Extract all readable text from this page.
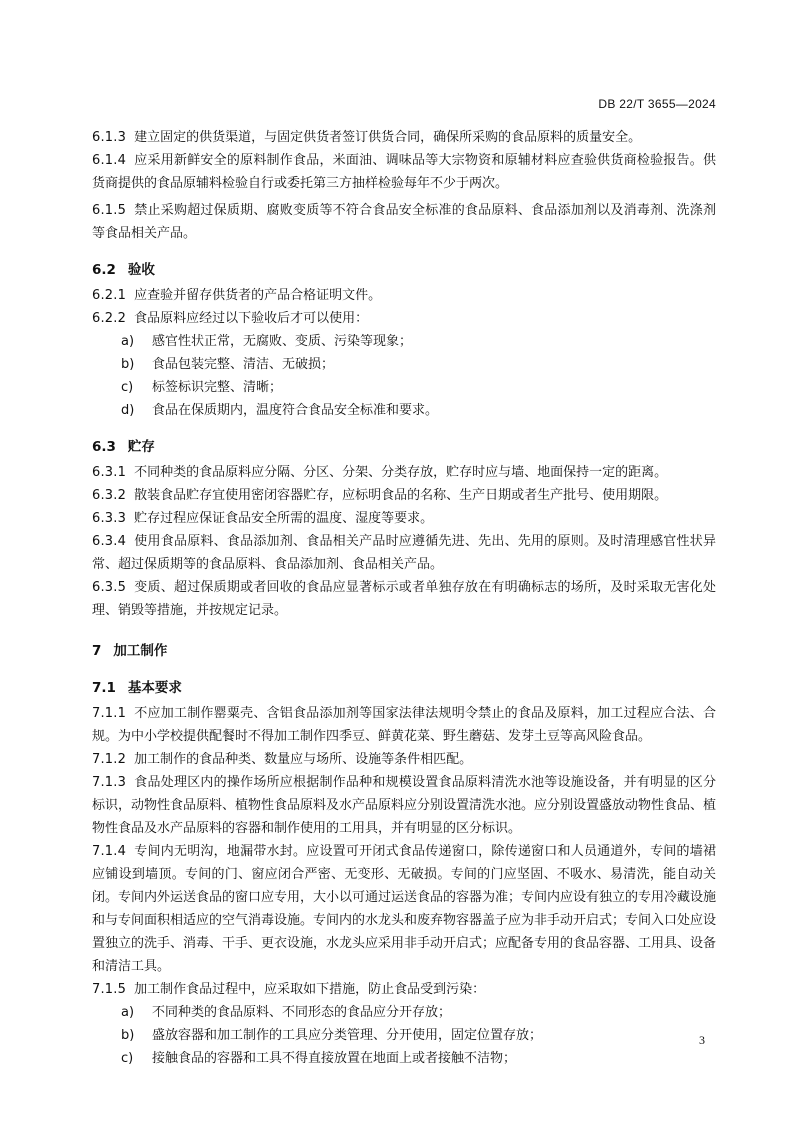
DB 22/T 3655—2024
6.1.3 建立固定的供货渠道，与固定供货者签订供货合同，确保所采购的食品原料的质量安全。
6.1.4 应采用新鲜安全的原料制作食品，米面油、调味品等大宗物资和原辅材料应查验供货商检验报告。供货商提供的食品原辅料检验自行或委托第三方抽样检验每年不少于两次。
6.1.5 禁止采购超过保质期、腐败变质等不符合食品安全标准的食品原料、食品添加剂以及消毒剂、洗涤剂等食品相关产品。
6.2 验收
6.2.1 应查验并留存供货者的产品合格证明文件。
6.2.2 食品原料应经过以下验收后才可以使用：
a) 感官性状正常，无腐败、变质、污染等现象；
b) 食品包装完整、清洁、无破损；
c) 标签标识完整、清晰；
d) 食品在保质期内，温度符合食品安全标准和要求。
6.3 贮存
6.3.1 不同种类的食品原料应分隔、分区、分架、分类存放，贮存时应与墙、地面保持一定的距离。
6.3.2 散装食品贮存宜使用密闭容器贮存，应标明食品的名称、生产日期或者生产批号、使用期限。
6.3.3 贮存过程应保证食品安全所需的温度、湿度等要求。
6.3.4 使用食品原料、食品添加剂、食品相关产品时应遵循先进、先出、先用的原则。及时清理感官性状异常、超过保质期等的食品原料、食品添加剂、食品相关产品。
6.3.5 变质、超过保质期或者回收的食品应显著标示或者单独存放在有明确标志的场所，及时采取无害化处理、销毁等措施，并按规定记录。
7 加工制作
7.1 基本要求
7.1.1 不应加工制作罂粟壳、含铝食品添加剂等国家法律法规明令禁止的食品及原料，加工过程应合法、合规。为中小学校提供配餐时不得加工制作四季豆、鲜黄花菜、野生蘑菇、发芽土豆等高风险食品。
7.1.2 加工制作的食品种类、数量应与场所、设施等条件相匹配。
7.1.3 食品处理区内的操作场所应根据制作品种和规模设置食品原料清洗水池等设施设备，并有明显的区分标识，动物性食品原料、植物性食品原料及水产品原料应分别设置清洗水池。应分别设置盛放动物性食品、植物性食品及水产品原料的容器和制作使用的工用具，并有明显的区分标识。
7.1.4 专间内无明沟，地漏带水封。应设置可开闭式食品传递窗口，除传递窗口和人员通道外，专间的墙裙应铺设到墙顶。专间的门、窗应闭合严密、无变形、无破损。专间的门应坚固、不吸水、易清洗，能自动关闭。专间内外运送食品的窗口应专用，大小以可通过运送食品的容器为准；专间内应设有独立的专用冷藏设施和与专间面积相适应的空气消毒设施。专间内的水龙头和废弃物容器盖子应为非手动开启式；专间入口处应设置独立的洗手、消毒、干手、更衣设施，水龙头应采用非手动开启式；应配备专用的食品容器、工用具、设备和清洁工具。
7.1.5 加工制作食品过程中，应采取如下措施，防止食品受到污染：
a) 不同种类的食品原料、不同形态的食品应分开存放；
b) 盛放容器和加工制作的工具应分类管理、分开使用，固定位置存放；
c) 接触食品的容器和工具不得直接放置在地面上或者接触不洁物；
3
